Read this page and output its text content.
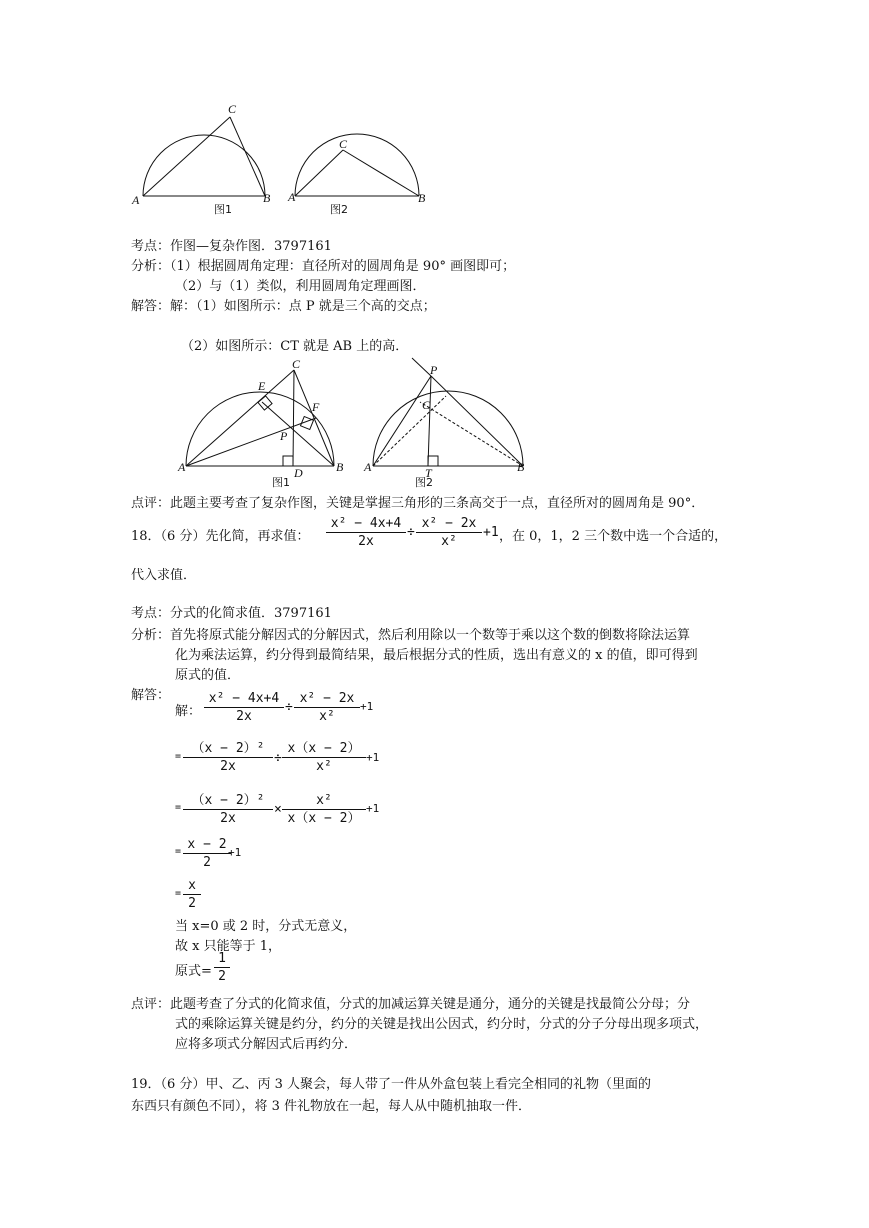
C
A	B
图1
C
A	B
图2
考点：作图—复杂作图．3797161
分析：（1）根据圆周角定理：直径所对的圆周角是 90° 画图即可；
（2）与（1）类似，利用圆周角定理画图．
解答：解：（1）如图所示：点 P 就是三个高的交点；
（2）如图所示：CT 就是 AB 上的高．
C
E
F
P
A	B
D
图1
P
C
A	B
T
图2
点评：此题主要考查了复杂作图，关键是掌握三角形的三条高交于一点，直径所对的圆周角是 90°．
18．（6 分）先化简，再求值： $\frac{\text{x² − 4x+4}}{2x} \div \frac{\text{x² − 2x}}{\text{x²}} +1$ ，在 0，1，2 三个数中选一个合适的，
代入求值．
考点：分式的化简求值．3797161
分析：首先将原式能分解因式的分解因式，然后利用除以一个数等于乘以这个数的倒数将除法运算
化为乘法运算，约分得到最简结果，最后根据分式的性质，选出有意义的 x 的值，即可得到
原式的值．
解答：
解： $\frac{\text{x² − 4x+4}}{2x} \div \frac{\text{x² − 2x}}{\text{x²}} +1$
= $\frac{\text{（x − 2）²}}{2x} \div \frac{x(x - 2)}{\text{x²}} +1$
= $\frac{\text{（x − 2）²}}{2x} \times \frac{\text{x²}}{x(x - 2)} +1$
= $\frac{x - 2}{2}$
+1
= $\frac{x}{2}$
当 x=0 或 2 时，分式无意义，
故 x 只能等于 1，
原式= $\frac{1}{2}$
点评：此题考查了分式的化简求值，分式的加减运算关键是通分，通分的关键是找最简公分母；分
式的乘除运算关键是约分，约分的关键是找出公因式，约分时，分式的分子分母出现多项式，
应将多项式分解因式后再约分．
19．（6 分）甲、乙、丙 3 人聚会，每人带了一件从外盒包装上看完全相同的礼物（里面的
东西只有颜色不同），将 3 件礼物放在一起，每人从中随机抽取一件．
